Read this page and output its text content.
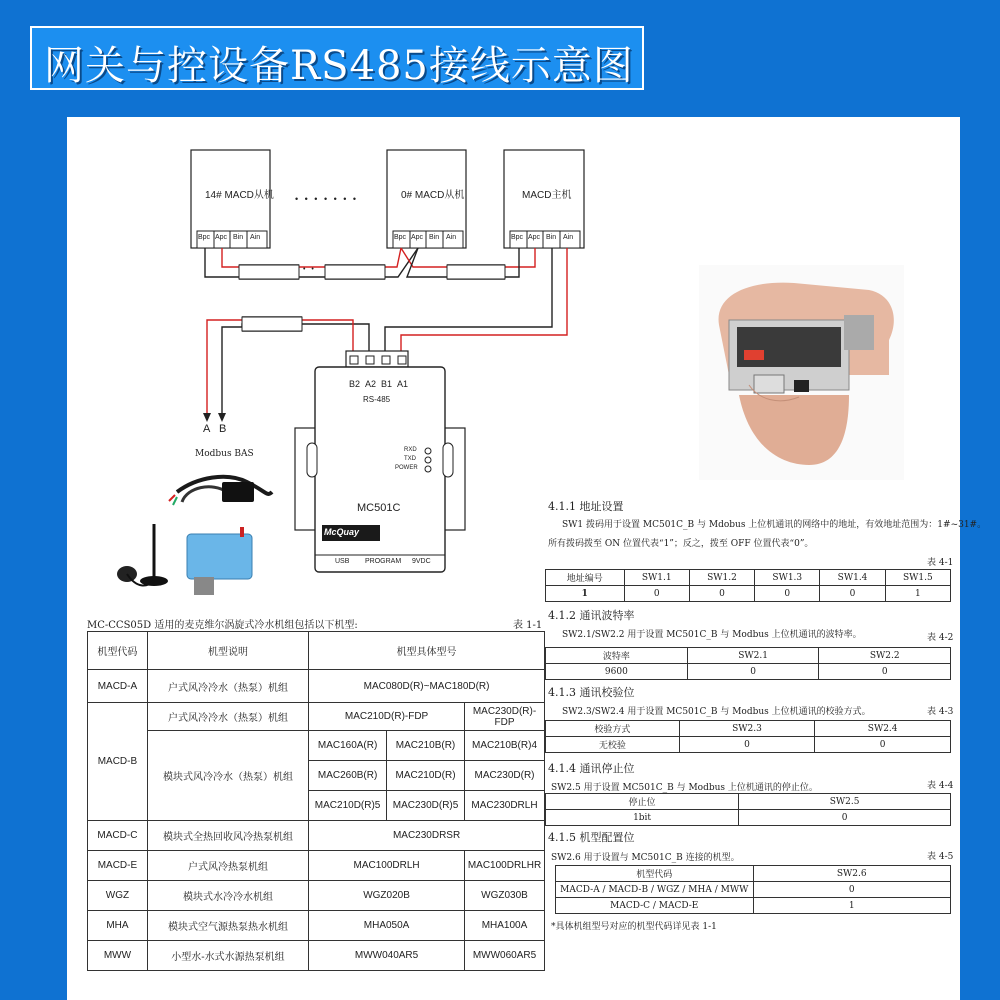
网关与控设备RS485接线示意图
14# MACD从机	0# MACD从机	MACD主机
Bpc Apc Bin Ain	Bpc Apc Bin Ain	Bpc Apc Bin Ain
• • • • • • •
• •
B2 A2 B1 A1
RS-485
RXD
TXD
POWER
MC501C
McQuay
USB PROGRAM 9VDC
A B
Modbus BAS
MC-CCS05D 适用的麦克维尔涡旋式冷水机组包括以下机型:	表 1-1
机型代码	机型说明	机型具体型号		
MACD-A	户式风冷冷水（热泵）机组	MAC080D(R)~MAC180D(R)		
MACD-B	户式风冷冷水（热泵）机组	MAC210D(R)-FDP		MAC230D(R)-FDP
	模块式风冷冷水（热泵）机组	MAC160A(R)	MAC210B(R)	MAC210B(R)4
		MAC260B(R)	MAC210D(R)	MAC230D(R)
		MAC210D(R)5	MAC230D(R)5	MAC230DRLH
MACD-C	模块式全热回收风冷热泵机组	MAC230DRSR		
MACD-E	户式风冷热泵机组	MAC100DRLH		MAC100DRLHR
WGZ	模块式水冷冷水机组	WGZ020B		WGZ030B
MHA	模块式空气源热泵热水机组	MHA050A		MHA100A
MWW	小型水-水式水源热泵机组	MWW040AR5		MWW060AR5
4.1.1 地址设置
SW1 拨码用于设置 MC501C_B 与 Mdobus 上位机通讯的网络中的地址，有效地址范围为：1#~31#。
所有拨码拨至 ON 位置代表“1”；反之，拨至 OFF 位置代表“0”。
表 4-1
地址编号	SW1.1	SW1.2	SW1.3	SW1.4	SW1.5
1	0	0	0	0	1
4.1.2 通讯波特率
SW2.1/SW2.2 用于设置 MC501C_B 与 Modbus 上位机通讯的波特率。	表 4-2
波特率	SW2.1	SW2.2
9600	0	0
4.1.3 通讯校验位
SW2.3/SW2.4 用于设置 MC501C_B 与 Modbus 上位机通讯的校验方式。	表 4-3
校验方式	SW2.3	SW2.4
无校验	0	0
4.1.4 通讯停止位
SW2.5 用于设置 MC501C_B 与 Modbus 上位机通讯的停止位。	表 4-4
停止位	SW2.5
1bit	0
4.1.5 机型配置位
SW2.6 用于设置与 MC501C_B 连接的机型。	表 4-5
机型代码	SW2.6
MACD-A / MACD-B / WGZ / MHA / MWW	0
MACD-C / MACD-E	1
*具体机组型号对应的机型代码详见表 1-1
